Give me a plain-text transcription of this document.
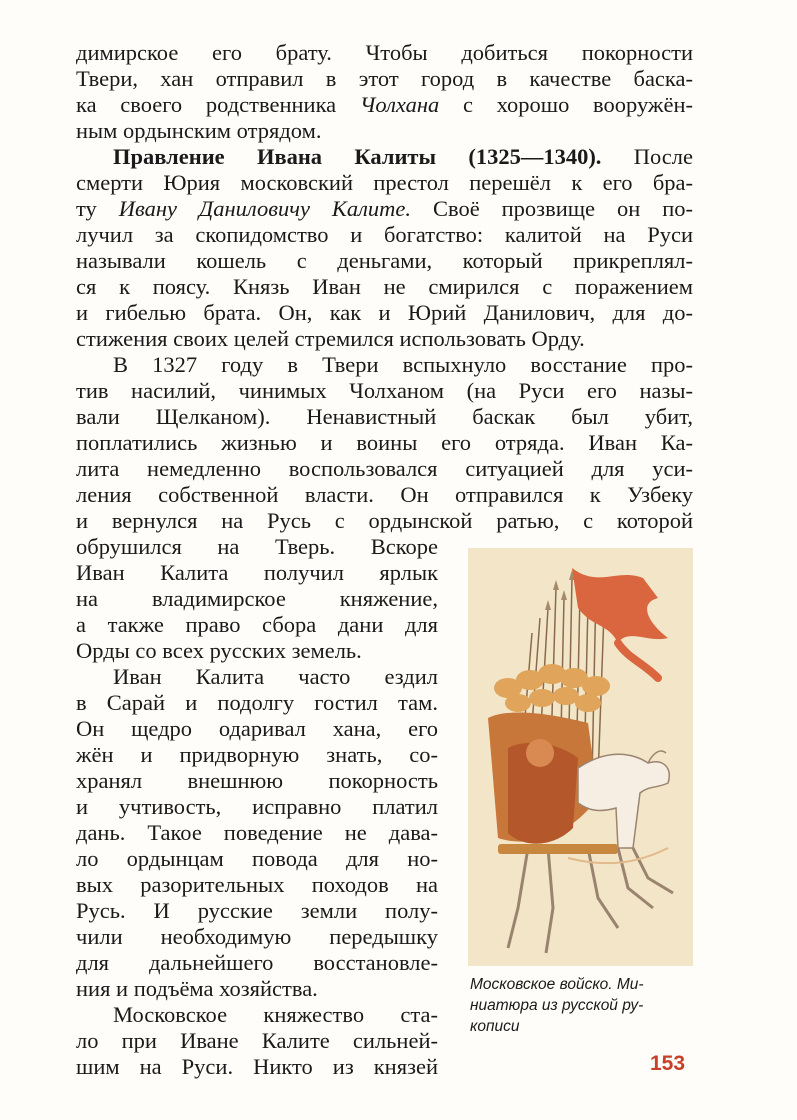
димирское его брату. Чтобы добиться покорности
Твери, хан отправил в этот город в качестве баска-
ка своего родственника Чолхана с хорошо вооружён-
ным ордынским отрядом.
Правление Ивана Калиты (1325—1340). После
смерти Юрия московский престол перешёл к его бра-
ту Ивану Даниловичу Калите. Своё прозвище он по-
лучил за скопидомство и богатство: калитой на Руси
называли кошель с деньгами, который прикреплял-
ся к поясу. Князь Иван не смирился с поражением
и гибелью брата. Он, как и Юрий Данилович, для до-
стижения своих целей стремился использовать Орду.
В 1327 году в Твери вспыхнуло восстание про-
тив насилий, чинимых Чолханом (на Руси его назы-
вали Щелканом). Ненавистный баскак был убит,
поплатились жизнью и воины его отряда. Иван Ка-
лита немедленно воспользовался ситуацией для уси-
ления собственной власти. Он отправился к Узбеку
и вернулся на Русь с ордынской ратью, с которой
обрушился на Тверь. Вскоре
Иван Калита получил ярлык
на владимирское княжение,
а также право сбора дани для
Орды со всех русских земель.
Иван Калита часто ездил
в Сарай и подолгу гостил там.
Он щедро одаривал хана, его
жён и придворную знать, со-
хранял внешнюю покорность
и учтивость, исправно платил
дань. Такое поведение не дава-
ло ордынцам повода для но-
вых разорительных походов на
Русь. И русские земли полу-
чили необходимую передышку
для дальнейшего восстановле-
ния и подъёма хозяйства.
Московское княжество ста-
ло при Иване Калите сильней-
шим на Руси. Никто из князей
Московское войско. Ми-
ниатюра из русской ру-
кописи
153
